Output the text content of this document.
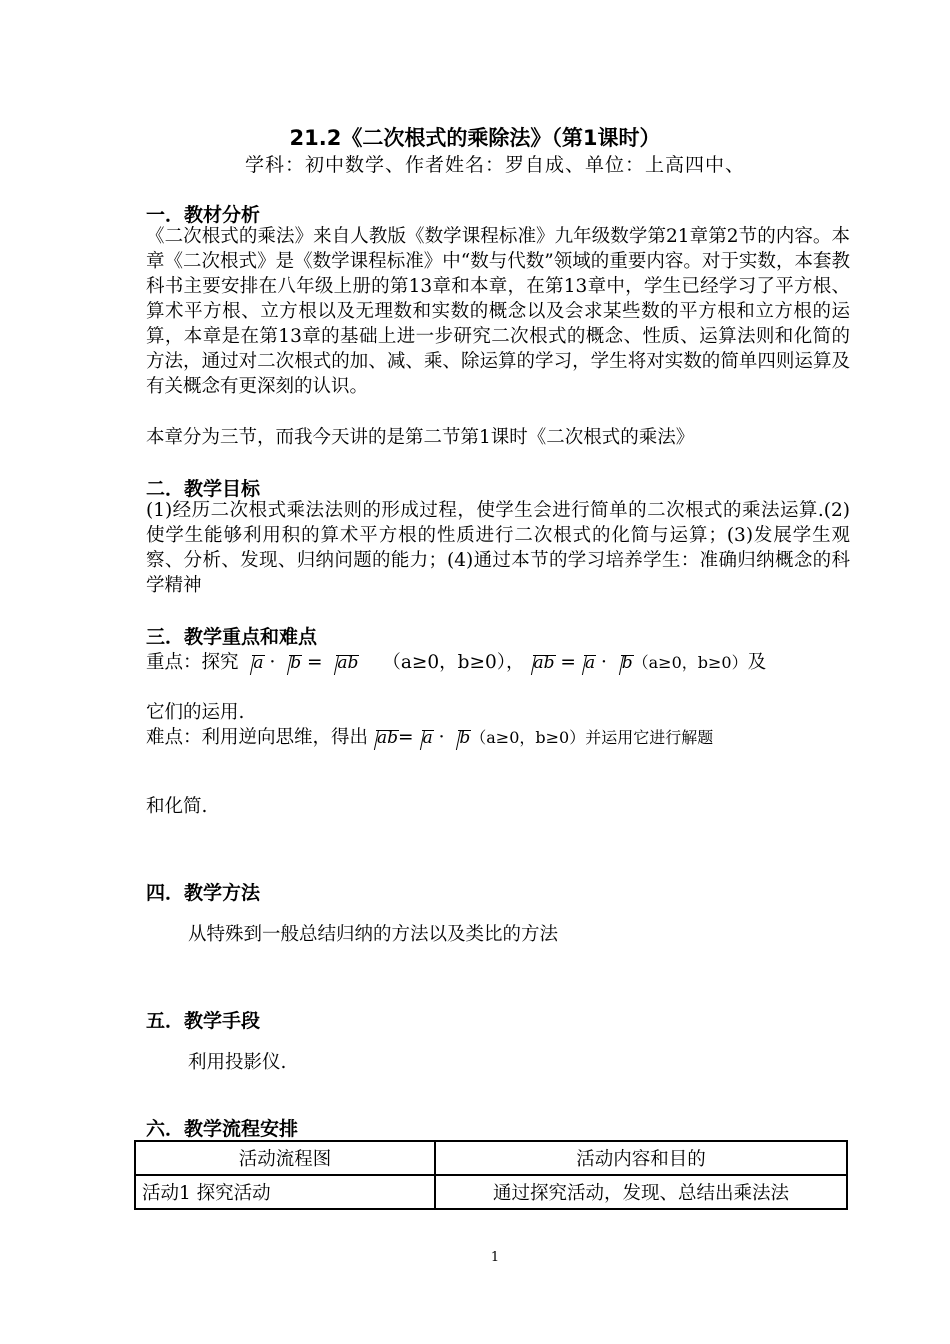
21.2《二次根式的乘除法》（第1课时）
学科：初中数学、作者姓名：罗自成、单位：上高四中、
一．教材分析
《二次根式的乘法》来自人教版《数学课程标准》九年级数学第21章第2节的内容。本章《二次根式》是《数学课程标准》中“数与代数”领域的重要内容。对于实数，本套教科书主要安排在八年级上册的第13章和本章，在第13章中，学生已经学习了平方根、算术平方根、立方根以及无理数和实数的概念以及会求某些数的平方根和立方根的运算，本章是在第13章的基础上进一步研究二次根式的概念、性质、运算法则和化简的方法，通过对二次根式的加、减、乘、除运算的学习，学生将对实数的简单四则运算及有关概念有更深刻的认识。
本章分为三节，而我今天讲的是第二节第1课时《二次根式的乘法》
二．教学目标
(1)经历二次根式乘法法则的形成过程，使学生会进行简单的二次根式的乘法运算.(2)使学生能够利用积的算术平方根的性质进行二次根式的化简与运算；(3)发展学生观察、分析、发现、归纳问题的能力；(4)通过本节的学习培养学生：准确归纳概念的科学精神
三．教学重点和难点
重点：探究 a · b = ab （a≥0，b≥0）， ab = a · b（a≥0，b≥0）及
它们的运用.
难点：利用逆向思维，得出 ab= a · b（a≥0，b≥0）并运用它进行解题
和化简.
四．教学方法
从特殊到一般总结归纳的方法以及类比的方法
五．教学手段
利用投影仪.
六．教学流程安排
活动流程图	活动内容和目的
活动1 探究活动	通过探究活动，发现、总结出乘法法
1
